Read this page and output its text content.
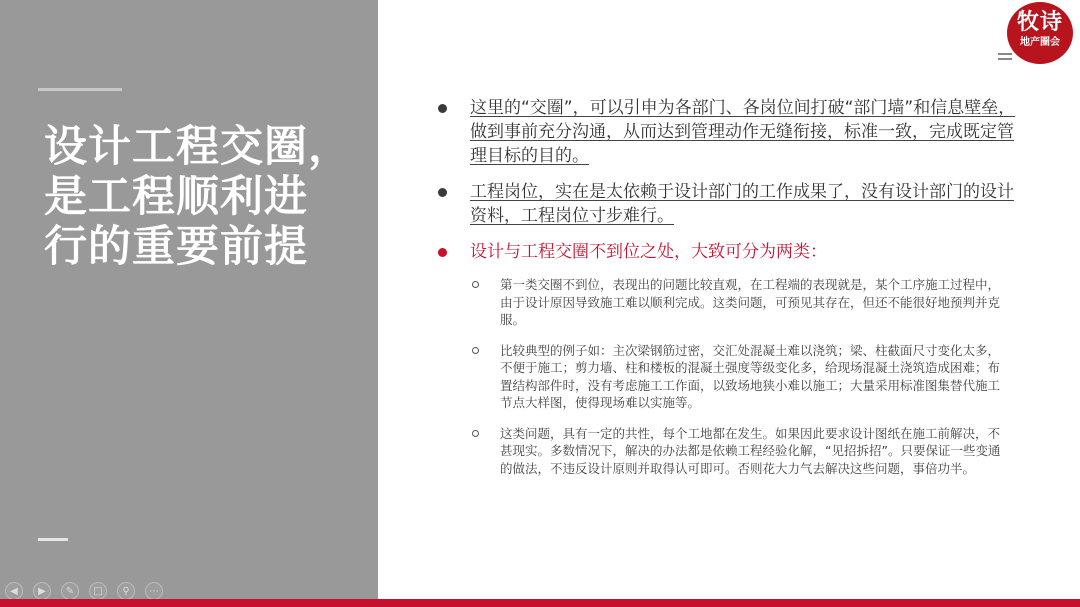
设计工程交圈，
是工程顺利进
行的重要前提
牧诗
地产圈会
这里的“交圈”，可以引申为各部门、各岗位间打破“部门墙”和信息壁垒，做到事前充分沟通，从而达到管理动作无缝衔接，标准一致，完成既定管理目标的目的。
工程岗位，实在是太依赖于设计部门的工作成果了，没有设计部门的设计资料，工程岗位寸步难行。
设计与工程交圈不到位之处，大致可分为两类：
第一类交圈不到位，表现出的问题比较直观，在工程端的表现就是，某个工序施工过程中，由于设计原因导致施工难以顺利完成。这类问题，可预见其存在，但还不能很好地预判并克服。
比较典型的例子如：主次梁钢筋过密，交汇处混凝土难以浇筑；梁、柱截面尺寸变化太多，不便于施工；剪力墙、柱和楼板的混凝土强度等级变化多，给现场混凝土浇筑造成困难；布置结构部件时，没有考虑施工工作面，以致场地狭小难以施工；大量采用标准图集替代施工节点大样图，使得现场难以实施等。
这类问题，具有一定的共性，每个工地都在发生。如果因此要求设计图纸在施工前解决，不甚现实。多数情况下，解决的办法都是依赖工程经验化解，“见招拆招”。只要保证一些变通的做法，不违反设计原则并取得认可即可。否则花大力气去解决这些问题，事倍功半。
◀	▶	✎	□	⚲	⋯
